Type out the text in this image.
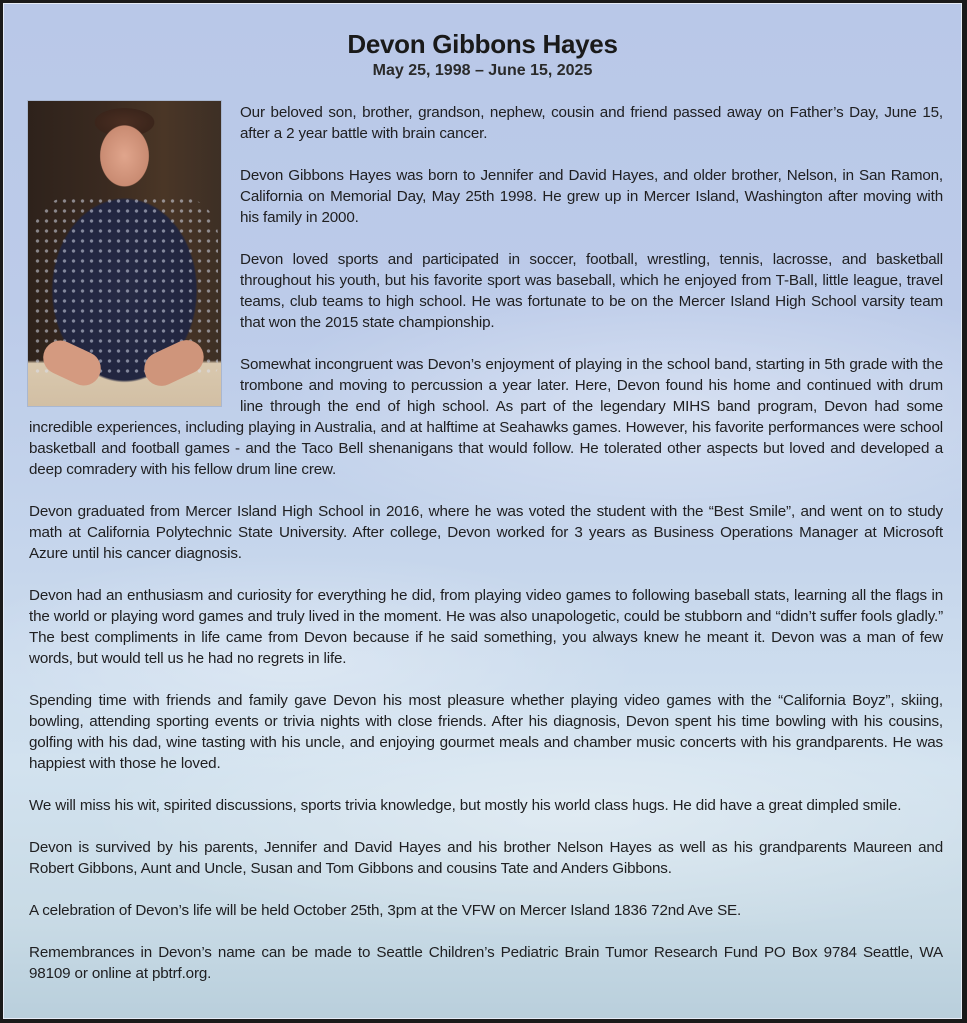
Devon Gibbons Hayes
May 25, 1998 – June 15, 2025

Our beloved son, brother, grandson, nephew, cousin and friend passed away on Father’s Day, June 15, after a 2 year battle with brain cancer.

Devon Gibbons Hayes was born to Jennifer and David Hayes, and older brother, Nelson, in San Ramon, California on Memorial Day, May 25th 1998. He grew up in Mercer Island, Washington after moving with his family in 2000.

Devon loved sports and participated in soccer, football, wrestling, tennis, lacrosse, and basketball throughout his youth, but his favorite sport was baseball, which he enjoyed from T-Ball, little league, travel teams, club teams to high school. He was fortunate to be on the Mercer Island High School varsity team that won the 2015 state championship.

Somewhat incongruent was Devon’s enjoyment of playing in the school band, starting in 5th grade with the trombone and moving to percussion a year later. Here, Devon found his home and continued with drum line through the end of high school. As part of the legendary MIHS band program, Devon had some incredible experiences, including playing in Australia, and at halftime at Seahawks games. However, his favorite performances were school basketball and football games - and the Taco Bell shenanigans that would follow. He tolerated other aspects but loved and developed a deep comradery with his fellow drum line crew.

Devon graduated from Mercer Island High School in 2016, where he was voted the student with the “Best Smile”, and went on to study math at California Polytechnic State University. After college, Devon worked for 3 years as Business Operations Manager at Microsoft Azure until his cancer diagnosis.

Devon had an enthusiasm and curiosity for everything he did, from playing video games to following baseball stats, learning all the flags in the world or playing word games and truly lived in the moment. He was also unapologetic, could be stubborn and “didn’t suffer fools gladly.” The best compliments in life came from Devon because if he said something, you always knew he meant it. Devon was a man of few words, but would tell us he had no regrets in life.

Spending time with friends and family gave Devon his most pleasure whether playing video games with the “California Boyz”, skiing, bowling, attending sporting events or trivia nights with close friends. After his diagnosis, Devon spent his time bowling with his cousins, golfing with his dad, wine tasting with his uncle, and enjoying gourmet meals and chamber music concerts with his grandparents. He was happiest with those he loved.

We will miss his wit, spirited discussions, sports trivia knowledge, but mostly his world class hugs. He did have a great dimpled smile.

Devon is survived by his parents, Jennifer and David Hayes and his brother Nelson Hayes as well as his grandparents Maureen and Robert Gibbons, Aunt and Uncle, Susan and Tom Gibbons and cousins Tate and Anders Gibbons.

A celebration of Devon’s life will be held October 25th, 3pm at the VFW on Mercer Island 1836 72nd Ave SE.

Remembrances in Devon’s name can be made to Seattle Children’s Pediatric Brain Tumor Research Fund PO Box 9784 Seattle, WA 98109 or online at pbtrf.org.
